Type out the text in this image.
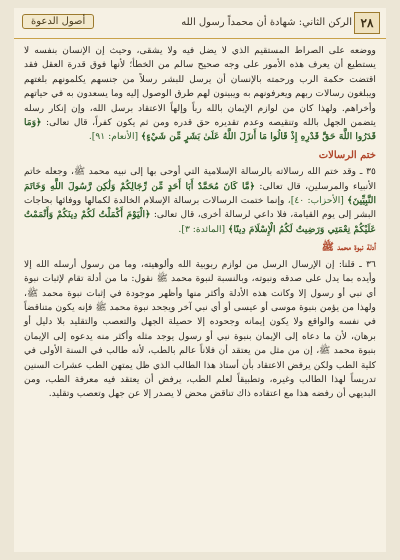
٢٨
الركن الثاني: شهادة أن محمداً رسول الله
أصول الدعوة

ووضعه على الصراط المستقيم الذي لا يضل فيه ولا يشقى، وحيث إن الإنسان بنفسه لا يستطيع أن يعرف هذه الأمور على وجه صحيح سالم من الخطأ؛ لأنها فوق قدرة العقل فقد اقتضت حكمة الرب ورحمته بالإنسان أن يرسل للبشر رسلاً من جنسهم يكلمونهم بلغتهم ويبلغون رسالات ربهم ويعرفونهم به ويبينون لهم طرق الوصول إليه وما يسعدون به في حياتهم وأخراهم. ولهذا كان من لوازم الإيمان بالله رباً وإلهاً الاعتقاد برسل الله، وإن إنكار رسله يتضمن الجهل بالله وتنقيصه وعدم تقديره حق قدره ومن ثم يكون كفراً، قال تعالى: ﴿وَمَا قَدَرُوا اللَّهَ حَقَّ قَدْرِهِ إِذْ قَالُوا مَا أَنزَلَ اللَّهُ عَلَىٰ بَشَرٍ مِّن شَيْءٍ﴾ [الأنعام: ٩١].

ختم الرسالات

٣٥ ـ وقد ختم الله رسالاته بالرسالة الإسلامية التي أوحى بها إلى نبيه محمد ﷺ، وجعله خاتم الأنبياء والمرسلين، قال تعالى: ﴿مَّا كَانَ مُحَمَّدٌ أَبَا أَحَدٍ مِّن رِّجَالِكُمْ وَلَٰكِن رَّسُولَ اللَّهِ وَخَاتَمَ النَّبِيِّينَ﴾ [الأحزاب: ٤٠]، وإنما ختمت الرسالات برسالة الإسلام الخالدة لكمالها ووفائها بحاجات البشر إلى يوم القيامة، فلا داعي لرسالة أخرى، قال تعالى: ﴿الْيَوْمَ أَكْمَلْتُ لَكُمْ دِينَكُمْ وَأَتْمَمْتُ عَلَيْكُمْ نِعْمَتِي وَرَضِيتُ لَكُمُ الْإِسْلَامَ دِينًا﴾ [المائدة: ٣].

أدلة نبوة محمد ﷺ

٣٦ ـ قلنا: إن الإرسال الرسل من لوازم ربوبية الله وألوهيته، وما من رسول أرسله الله إلا وأيده بما يدل على صدقه ونبوته، وبالنسبة لنبوة محمد ﷺ نقول: ما من أدلة تقام لإثبات نبوة أي نبي أو رسول إلا وكانت هذه الأدلة وأكثر منها وأظهر موجودة في إثبات نبوة محمد ﷺ، ولهذا من يؤمن بنبوة موسى أو عيسى أو أي نبي آخر ويجحد نبوة محمد ﷺ فإنه يكون متناقضاً في نفسه والواقع ولا يكون إيمانه وجحوده إلا حصيلة الجهل والتعصب والتقليد بلا دليل أو برهان، لأن ما دعاه إلى الإيمان بنبوة نبي أو رسول يوجد مثله وأكثر منه يدعوه إلى الإيمان بنبوة محمد ﷺ، إن من مثل من يعتقد أن فلاناً عالم بالطب، لأنه طالب في السنة الأولى في كلية الطب ولكن يرفض الاعتقاد بأن أستاذ هذا الطالب الذي ظل يمتهن الطب عشرات السنين تدريساً لهذا الطالب وغيره، وتطبيقاً لعلم الطب، يرفض أن يعتقد فيه معرفة الطب، ومن البديهي أن رفضه هذا مع اعتقاده ذاك تناقض محض لا يصدر إلا عن جهل وتعصب وتقليد.
